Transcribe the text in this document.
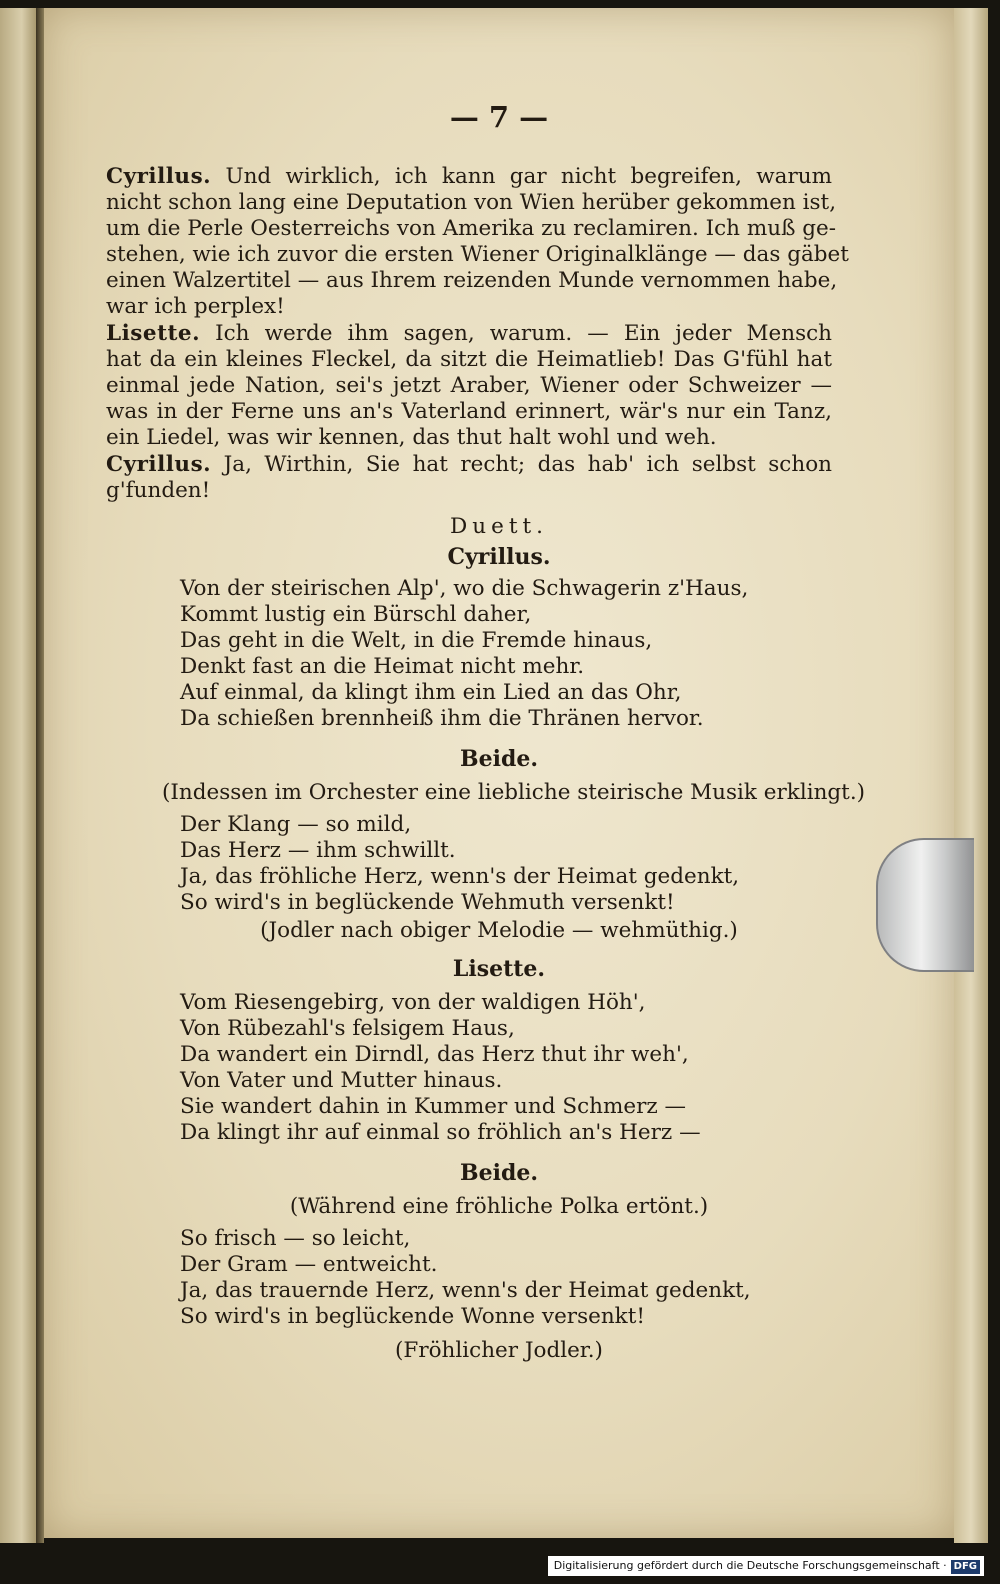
— 7 —
Cyrillus. Und wirklich, ich kann gar nicht begreifen, warum
nicht schon lang eine Deputation von Wien herüber gekommen ist,
um die Perle Oesterreichs von Amerika zu reclamiren. Ich muß ge-
stehen, wie ich zuvor die ersten Wiener Originalklänge — das gäbet
einen Walzertitel — aus Ihrem reizenden Munde vernommen habe,
war ich perplex!
Lisette. Ich werde ihm sagen, warum. — Ein jeder Mensch
hat da ein kleines Fleckel, da sitzt die Heimatlieb! Das G'fühl hat
einmal jede Nation, sei's jetzt Araber, Wiener oder Schweizer —
was in der Ferne uns an's Vaterland erinnert, wär's nur ein Tanz,
ein Liedel, was wir kennen, das thut halt wohl und weh.
Cyrillus. Ja, Wirthin, Sie hat recht; das hab' ich selbst schon
g'funden!
Duett.
Cyrillus.
Von der steirischen Alp', wo die Schwagerin z'Haus,
Kommt lustig ein Bürschl daher,
Das geht in die Welt, in die Fremde hinaus,
Denkt fast an die Heimat nicht mehr.
Auf einmal, da klingt ihm ein Lied an das Ohr,
Da schießen brennheiß ihm die Thränen hervor.
Beide.
(Indessen im Orchester eine liebliche steirische Musik erklingt.)
Der Klang — so mild,
Das Herz — ihm schwillt.
Ja, das fröhliche Herz, wenn's der Heimat gedenkt,
So wird's in beglückende Wehmuth versenkt!
(Jodler nach obiger Melodie — wehmüthig.)
Lisette.
Vom Riesengebirg, von der waldigen Höh',
Von Rübezahl's felsigem Haus,
Da wandert ein Dirndl, das Herz thut ihr weh',
Von Vater und Mutter hinaus.
Sie wandert dahin in Kummer und Schmerz —
Da klingt ihr auf einmal so fröhlich an's Herz —
Beide.
(Während eine fröhliche Polka ertönt.)
So frisch — so leicht,
Der Gram — entweicht.
Ja, das trauernde Herz, wenn's der Heimat gedenkt,
So wird's in beglückende Wonne versenkt!
(Fröhlicher Jodler.)
Digitalisierung gefördert durch die Deutsche Forschungsgemeinschaft · DFG
